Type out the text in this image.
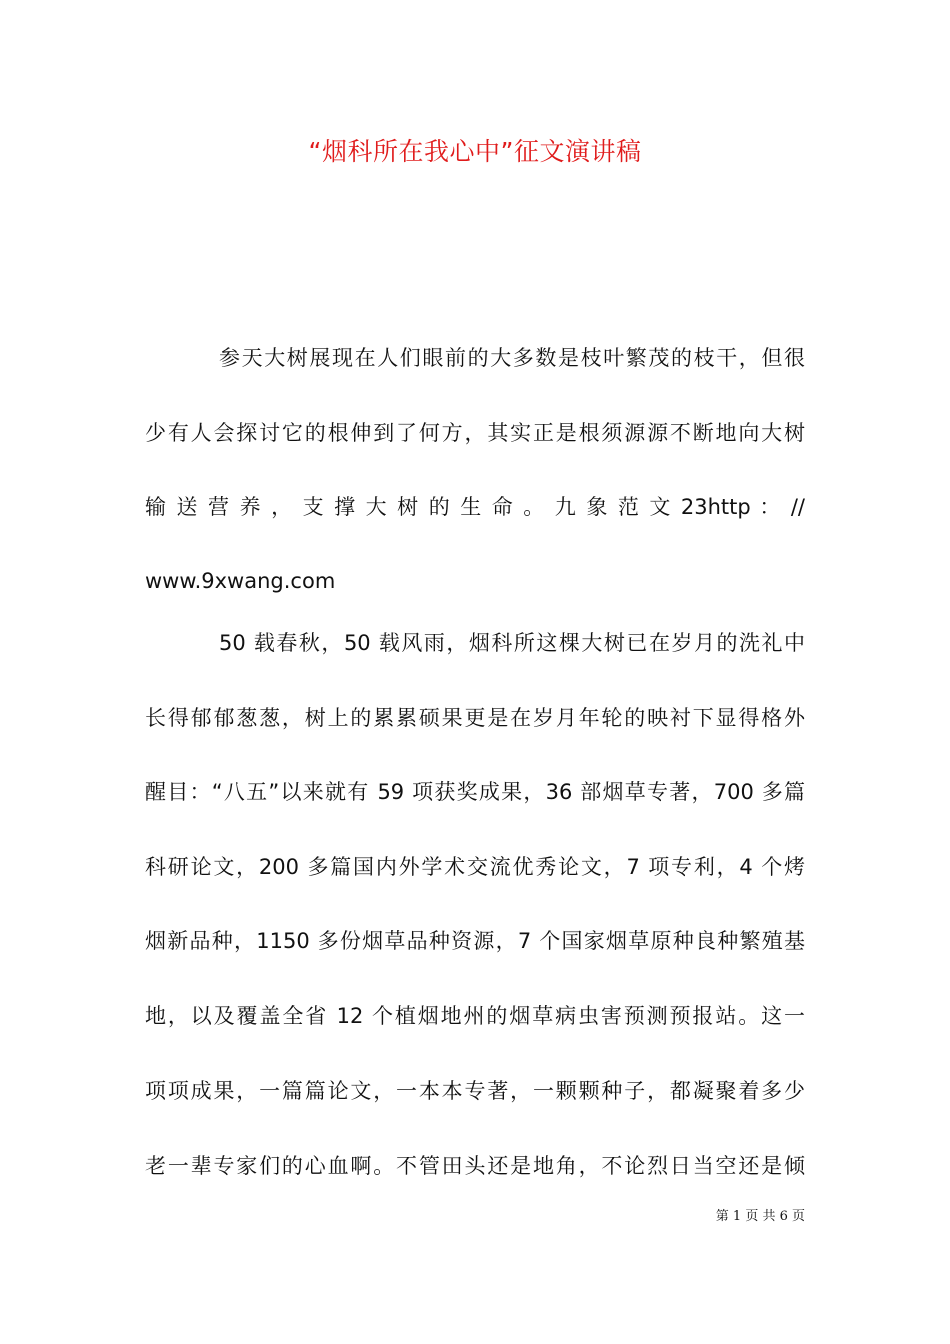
“烟科所在我心中”征文演讲稿
参天大树展现在人们眼前的大多数是枝叶繁茂的枝干，但很
少有人会探讨它的根伸到了何方，其实正是根须源源不断地向大树
输 送 营 养 ， 支 撑 大 树 的 生 命 。 九 象 范 文 23http ： //
www.9xwang.com
50 载春秋，50 载风雨，烟科所这棵大树已在岁月的洗礼中
长得郁郁葱葱，树上的累累硕果更是在岁月年轮的映衬下显得格外
醒目：“八五”以来就有 59 项获奖成果，36 部烟草专著，700 多篇
科研论文，200 多篇国内外学术交流优秀论文，7 项专利，4 个烤
烟新品种，1150 多份烟草品种资源，7 个国家烟草原种良种繁殖基
地，以及覆盖全省 12 个植烟地州的烟草病虫害预测预报站。这一
项项成果，一篇篇论文，一本本专著，一颗颗种子，都凝聚着多少
老一辈专家们的心血啊。不管田头还是地角，不论烈日当空还是倾
第 1 页 共 6 页
